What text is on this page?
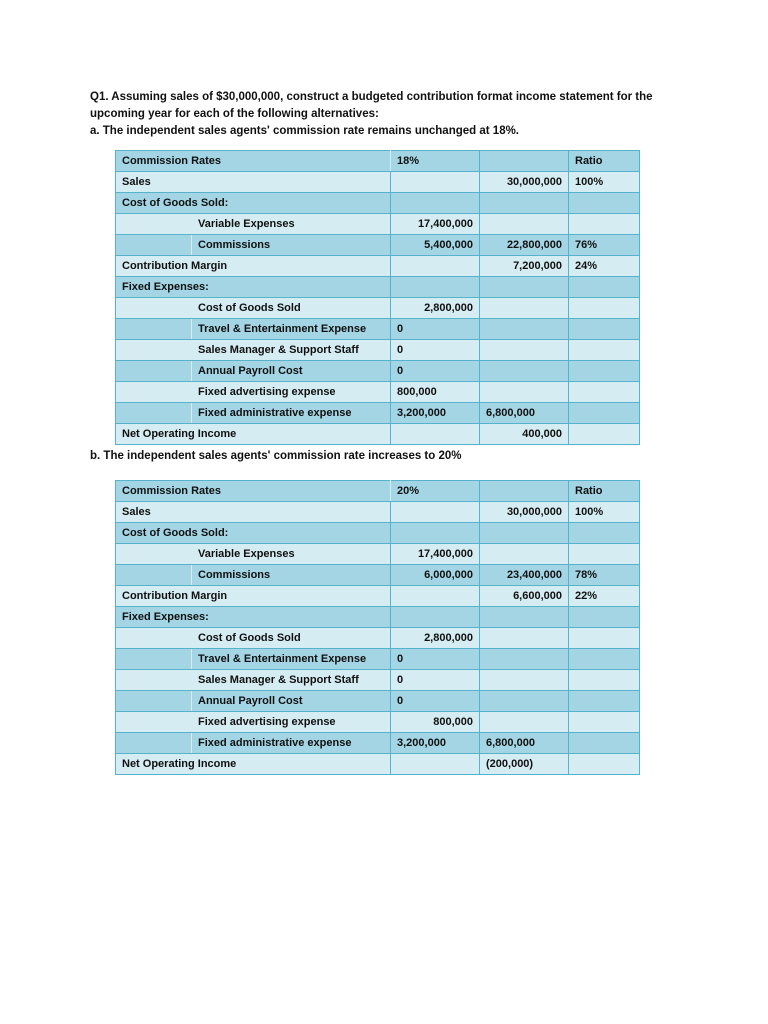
Q1. Assuming sales of $30,000,000, construct a budgeted contribution format income statement for the
upcoming year for each of the following alternatives:
a. The independent sales agents' commission rate remains unchanged at 18%.
Commission Rates		18%		Ratio
Sales			30,000,000	100%
Cost of Goods Sold:				
	Variable Expenses	17,400,000		
	Commissions	5,400,000	22,800,000	76%
Contribution Margin			7,200,000	24%
Fixed Expenses:				
	Cost of Goods Sold	2,800,000		
	Travel & Entertainment Expense	0		
	Sales Manager & Support Staff	0		
	Annual Payroll Cost	0		
	Fixed advertising expense	800,000		
	Fixed administrative expense	3,200,000	6,800,000	
Net Operating Income			400,000	
b. The independent sales agents' commission rate increases to 20%
Commission Rates		20%		Ratio
Sales			30,000,000	100%
Cost of Goods Sold:				
	Variable Expenses	17,400,000		
	Commissions	6,000,000	23,400,000	78%
Contribution Margin			6,600,000	22%
Fixed Expenses:				
	Cost of Goods Sold	2,800,000		
	Travel & Entertainment Expense	0		
	Sales Manager & Support Staff	0		
	Annual Payroll Cost	0		
	Fixed advertising expense	800,000		
	Fixed administrative expense	3,200,000	6,800,000	
Net Operating Income			(200,000)	
